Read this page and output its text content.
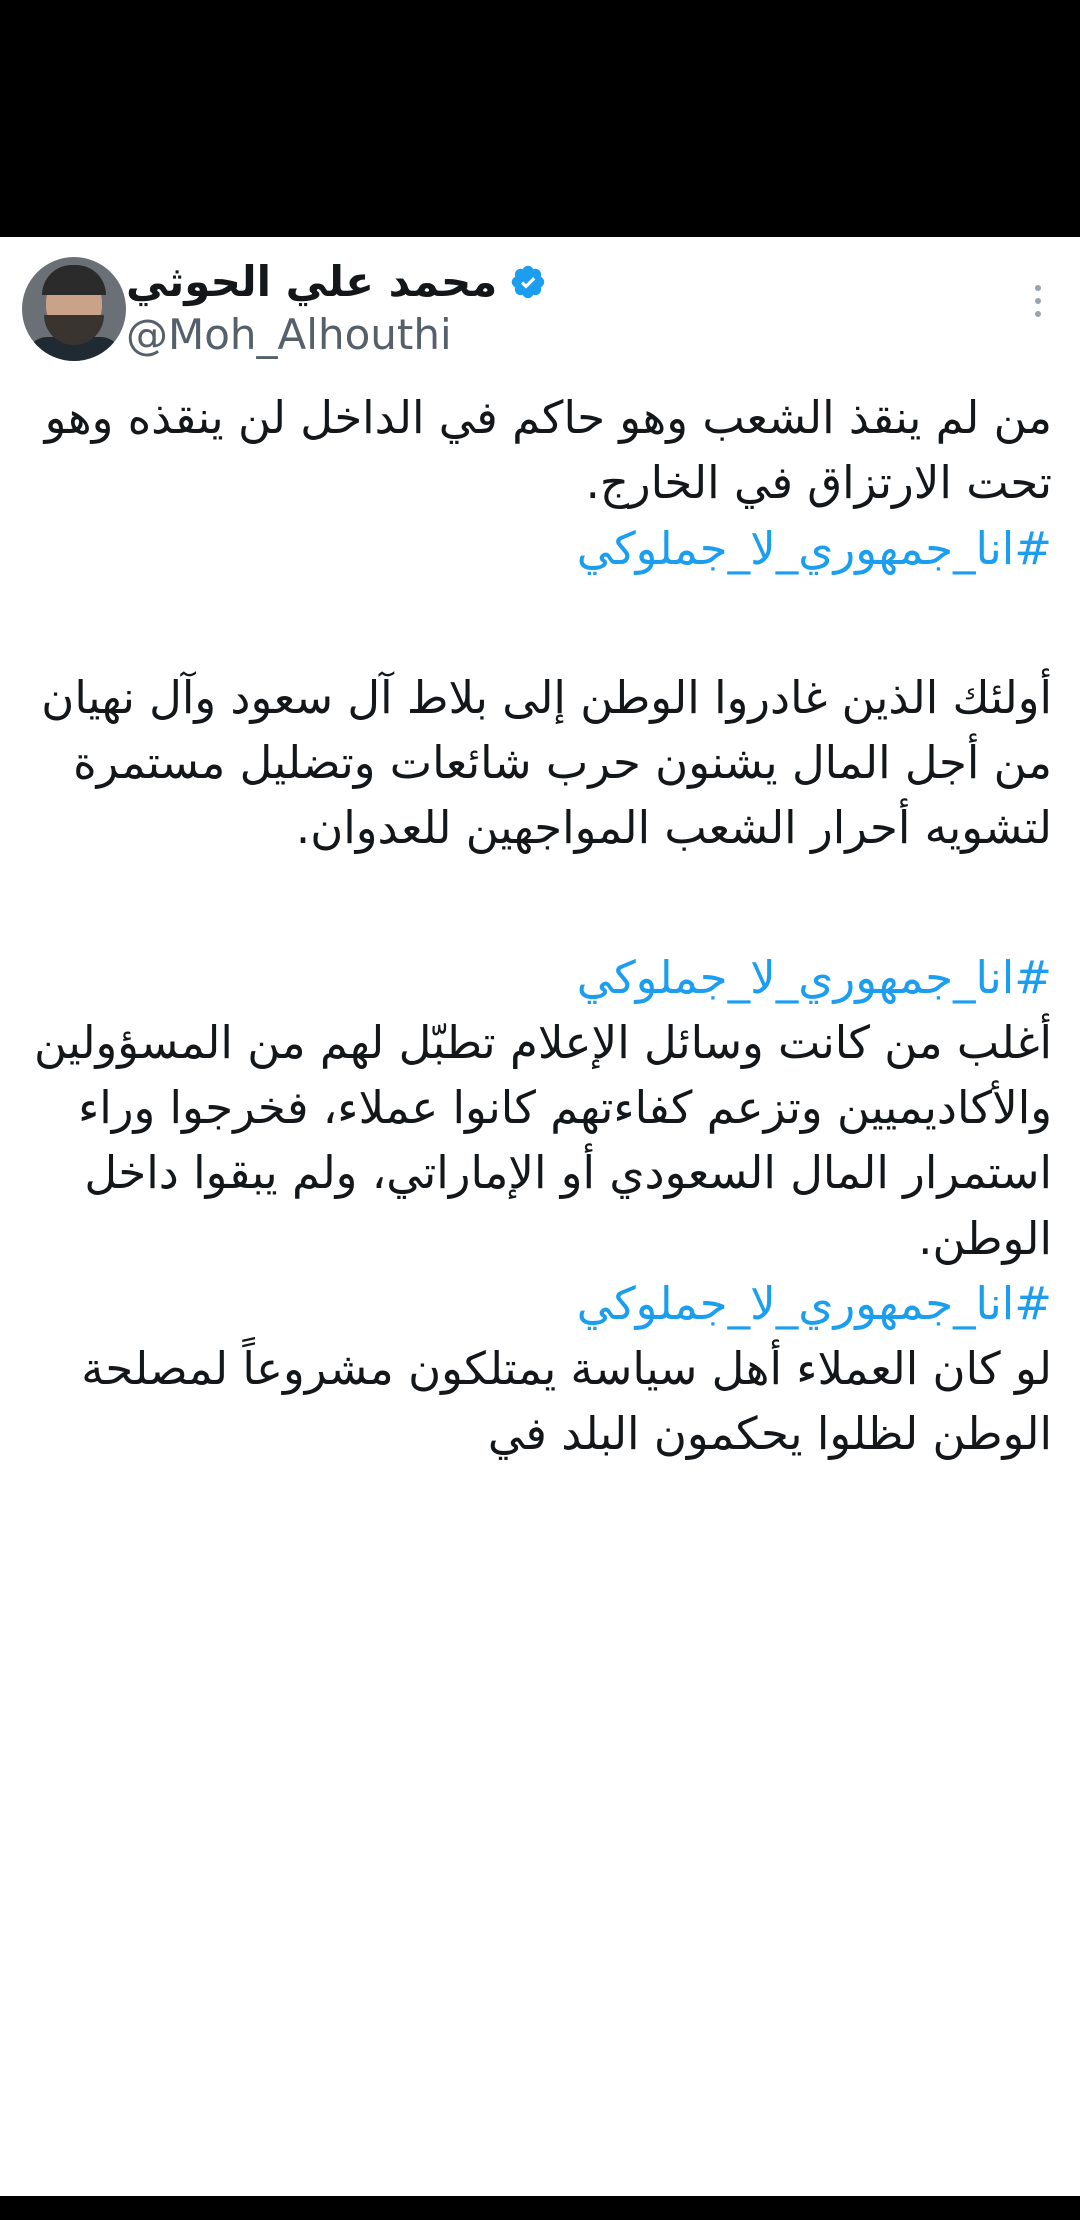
محمد علي الحوثي
@Moh_Alhouthi

من لم ينقذ الشعب وهو حاكم في الداخل لن ينقذه وهو تحت الارتزاق في الخارج.

#انا_جمهوري_لا_جملوكي

أولئك الذين غادروا الوطن إلى بلاط آل سعود وآل نهيان من أجل المال يشنون حرب شائعات وتضليل مستمرة لتشويه أحرار الشعب المواجهين للعدوان.

#انا_جمهوري_لا_جملوكي

أغلب من كانت وسائل الإعلام تطبّل لهم من المسؤولين والأكاديميين وتزعم كفاءتهم كانوا عملاء، فخرجوا وراء استمرار المال السعودي أو الإماراتي، ولم يبقوا داخل الوطن.

#انا_جمهوري_لا_جملوكي

لو كان العملاء أهل سياسة يمتلكون مشروعاً لمصلحة الوطن لظلوا يحكمون البلد في
